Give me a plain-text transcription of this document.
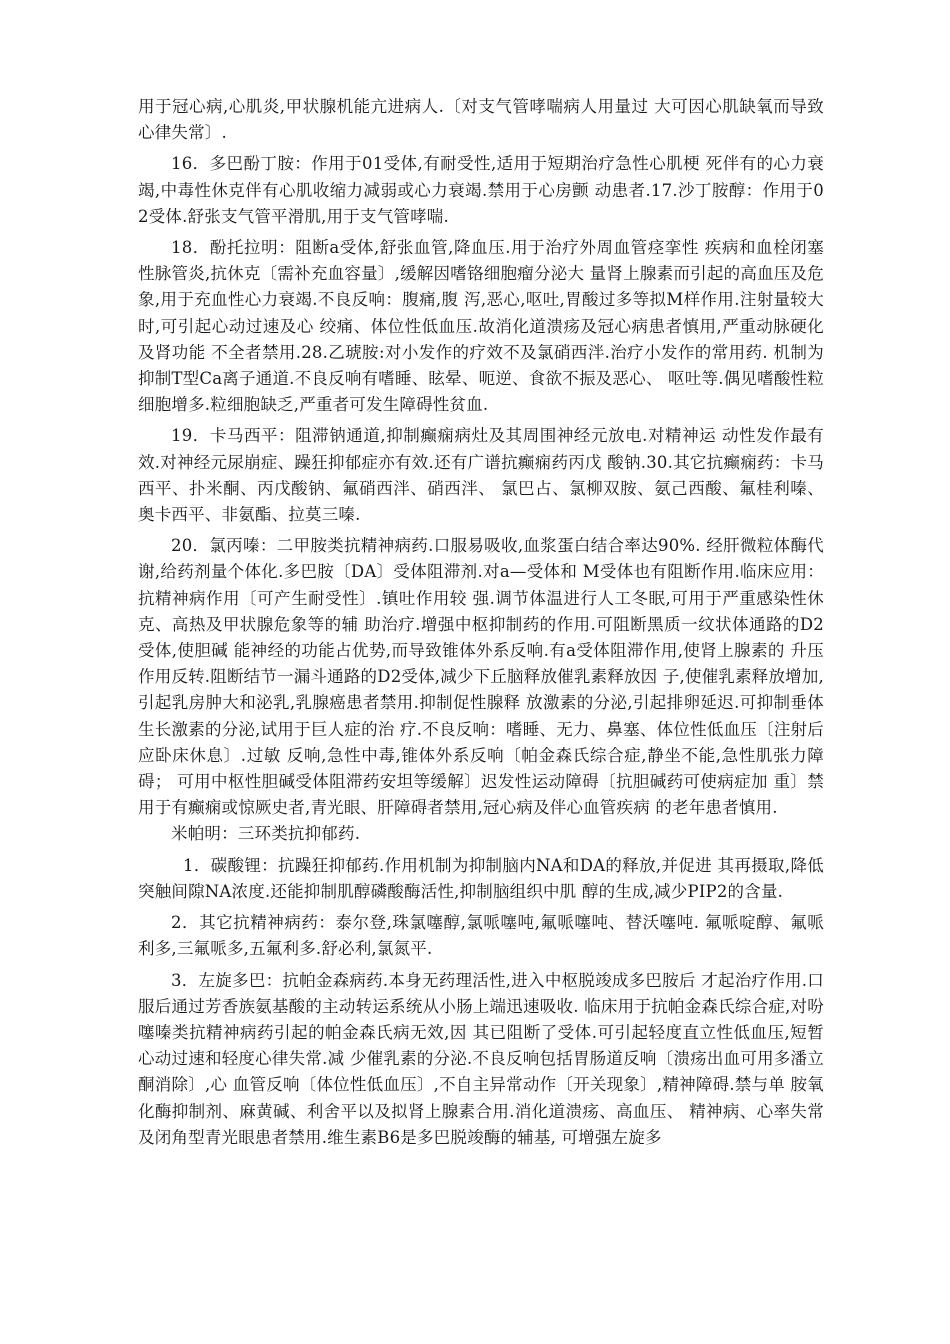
用于冠心病,心肌炎,甲状腺机能亢进病人.〔对支气管哮喘病人用量过 大可因心肌缺氧而导致心律失常〕.

16．多巴酚丁胺：作用于01受体,有耐受性,适用于短期治疗急性心肌梗 死伴有的心力衰竭,中毒性休克伴有心肌收缩力减弱或心力衰竭.禁用于心房颤 动患者.17.沙丁胺醇：作用于02受体.舒张支气管平滑肌,用于支气管哮喘.

18．酚托拉明：阻断a受体,舒张血管,降血压.用于治疗外周血管痉挛性 疾病和血栓闭塞性脉管炎,抗休克〔需补充血容量〕,缓解因嗜铬细胞瘤分泌大 量肾上腺素而引起的高血压及危象,用于充血性心力衰竭.不良反响：腹痛,腹 泻,恶心,呕吐,胃酸过多等拟M样作用.注射量较大时,可引起心动过速及心 绞痛、体位性低血压.故消化道溃疡及冠心病患者慎用,严重动脉硬化及肾功能 不全者禁用.28.乙琥胺:对小发作的疗效不及氯硝西泮.治疗小发作的常用药. 机制为抑制T型Ca离子通道.不良反响有嗜睡、眩晕、呃逆、食欲不振及恶心、 呕吐等.偶见嗜酸性粒细胞增多.粒细胞缺乏,严重者可发生障碍性贫血.

19．卡马西平：阻滞钠通道,抑制癫痫病灶及其周围神经元放电.对精神运 动性发作最有效.对神经元尿崩症、躁狂抑郁症亦有效.还有广谱抗癫痫药丙戊 酸钠.30.其它抗癫痫药：卡马西平、扑米酮、丙戊酸钠、氟硝西泮、硝西泮、 氯巴占、氯柳双胺、氨己西酸、氟桂利嗪、奥卡西平、非氨酯、拉莫三嗪.

20．氯丙嗪：二甲胺类抗精神病药.口服易吸收,血浆蛋白结合率达90%. 经肝微粒体酶代谢,给药剂量个体化.多巴胺〔DA〕受体阻滞剂.对a—受体和 M受体也有阻断作用.临床应用：抗精神病作用〔可产生耐受性〕.镇吐作用较 强.调节体温进行人工冬眠,可用于严重感染性休克、高热及甲状腺危象等的辅 助治疗.增强中枢抑制药的作用.可阻断黑质一纹状体通路的D2受体,使胆碱 能神经的功能占优势,而导致锥体外系反响.有a受体阻滞作用,使肾上腺素的 升压作用反转.阻断结节一漏斗通路的D2受体,减少下丘脑释放催乳素释放因 子,使催乳素释放增加,引起乳房肿大和泌乳,乳腺癌患者禁用.抑制促性腺释 放激素的分泌,引起排卵延迟.可抑制垂体生长激素的分泌,试用于巨人症的治 疗.不良反响：嗜睡、无力、鼻塞、体位性低血压〔注射后应卧床休息〕.过敏 反响,急性中毒,锥体外系反响〔帕金森氏综合症,静坐不能,急性肌张力障碍； 可用中枢性胆碱受体阻滞药安坦等缓解〕迟发性运动障碍〔抗胆碱药可使病症加 重〕禁用于有癫痫或惊厥史者,青光眼、肝障碍者禁用,冠心病及伴心血管疾病 的老年患者慎用.

米帕明：三环类抗抑郁药.

1．碳酸锂：抗躁狂抑郁药.作用机制为抑制脑内NA和DA的释放,并促进 其再摄取,降低突触间隙NA浓度.还能抑制肌醇磷酸酶活性,抑制脑组织中肌 醇的生成,减少PIP2的含量.

2．其它抗精神病药：泰尔登,珠氯噻醇,氯哌噻吨,氟哌噻吨、替沃噻吨. 氟哌啶醇、氟哌利多,三氟哌多,五氟利多.舒必利,氯氮平.

3．左旋多巴：抗帕金森病药.本身无药理活性,进入中枢脱竣成多巴胺后 才起治疗作用.口服后通过芳香族氨基酸的主动转运系统从小肠上端迅速吸收. 临床用于抗帕金森氏综合症,对吩噻嗪类抗精神病药引起的帕金森氏病无效,因 其已阻断了受体.可引起轻度直立性低血压,短暂心动过速和轻度心律失常.减 少催乳素的分泌.不良反响包括胃肠道反响〔溃疡出血可用多潘立酮消除〕,心 血管反响〔体位性低血压〕,不自主异常动作〔开关现象〕,精神障碍.禁与单 胺氧化酶抑制剂、麻黄碱、利舍平以及拟肾上腺素合用.消化道溃疡、高血压、 精神病、心率失常及闭角型青光眼患者禁用.维生素B6是多巴脱竣酶的辅基, 可增强左旋多
